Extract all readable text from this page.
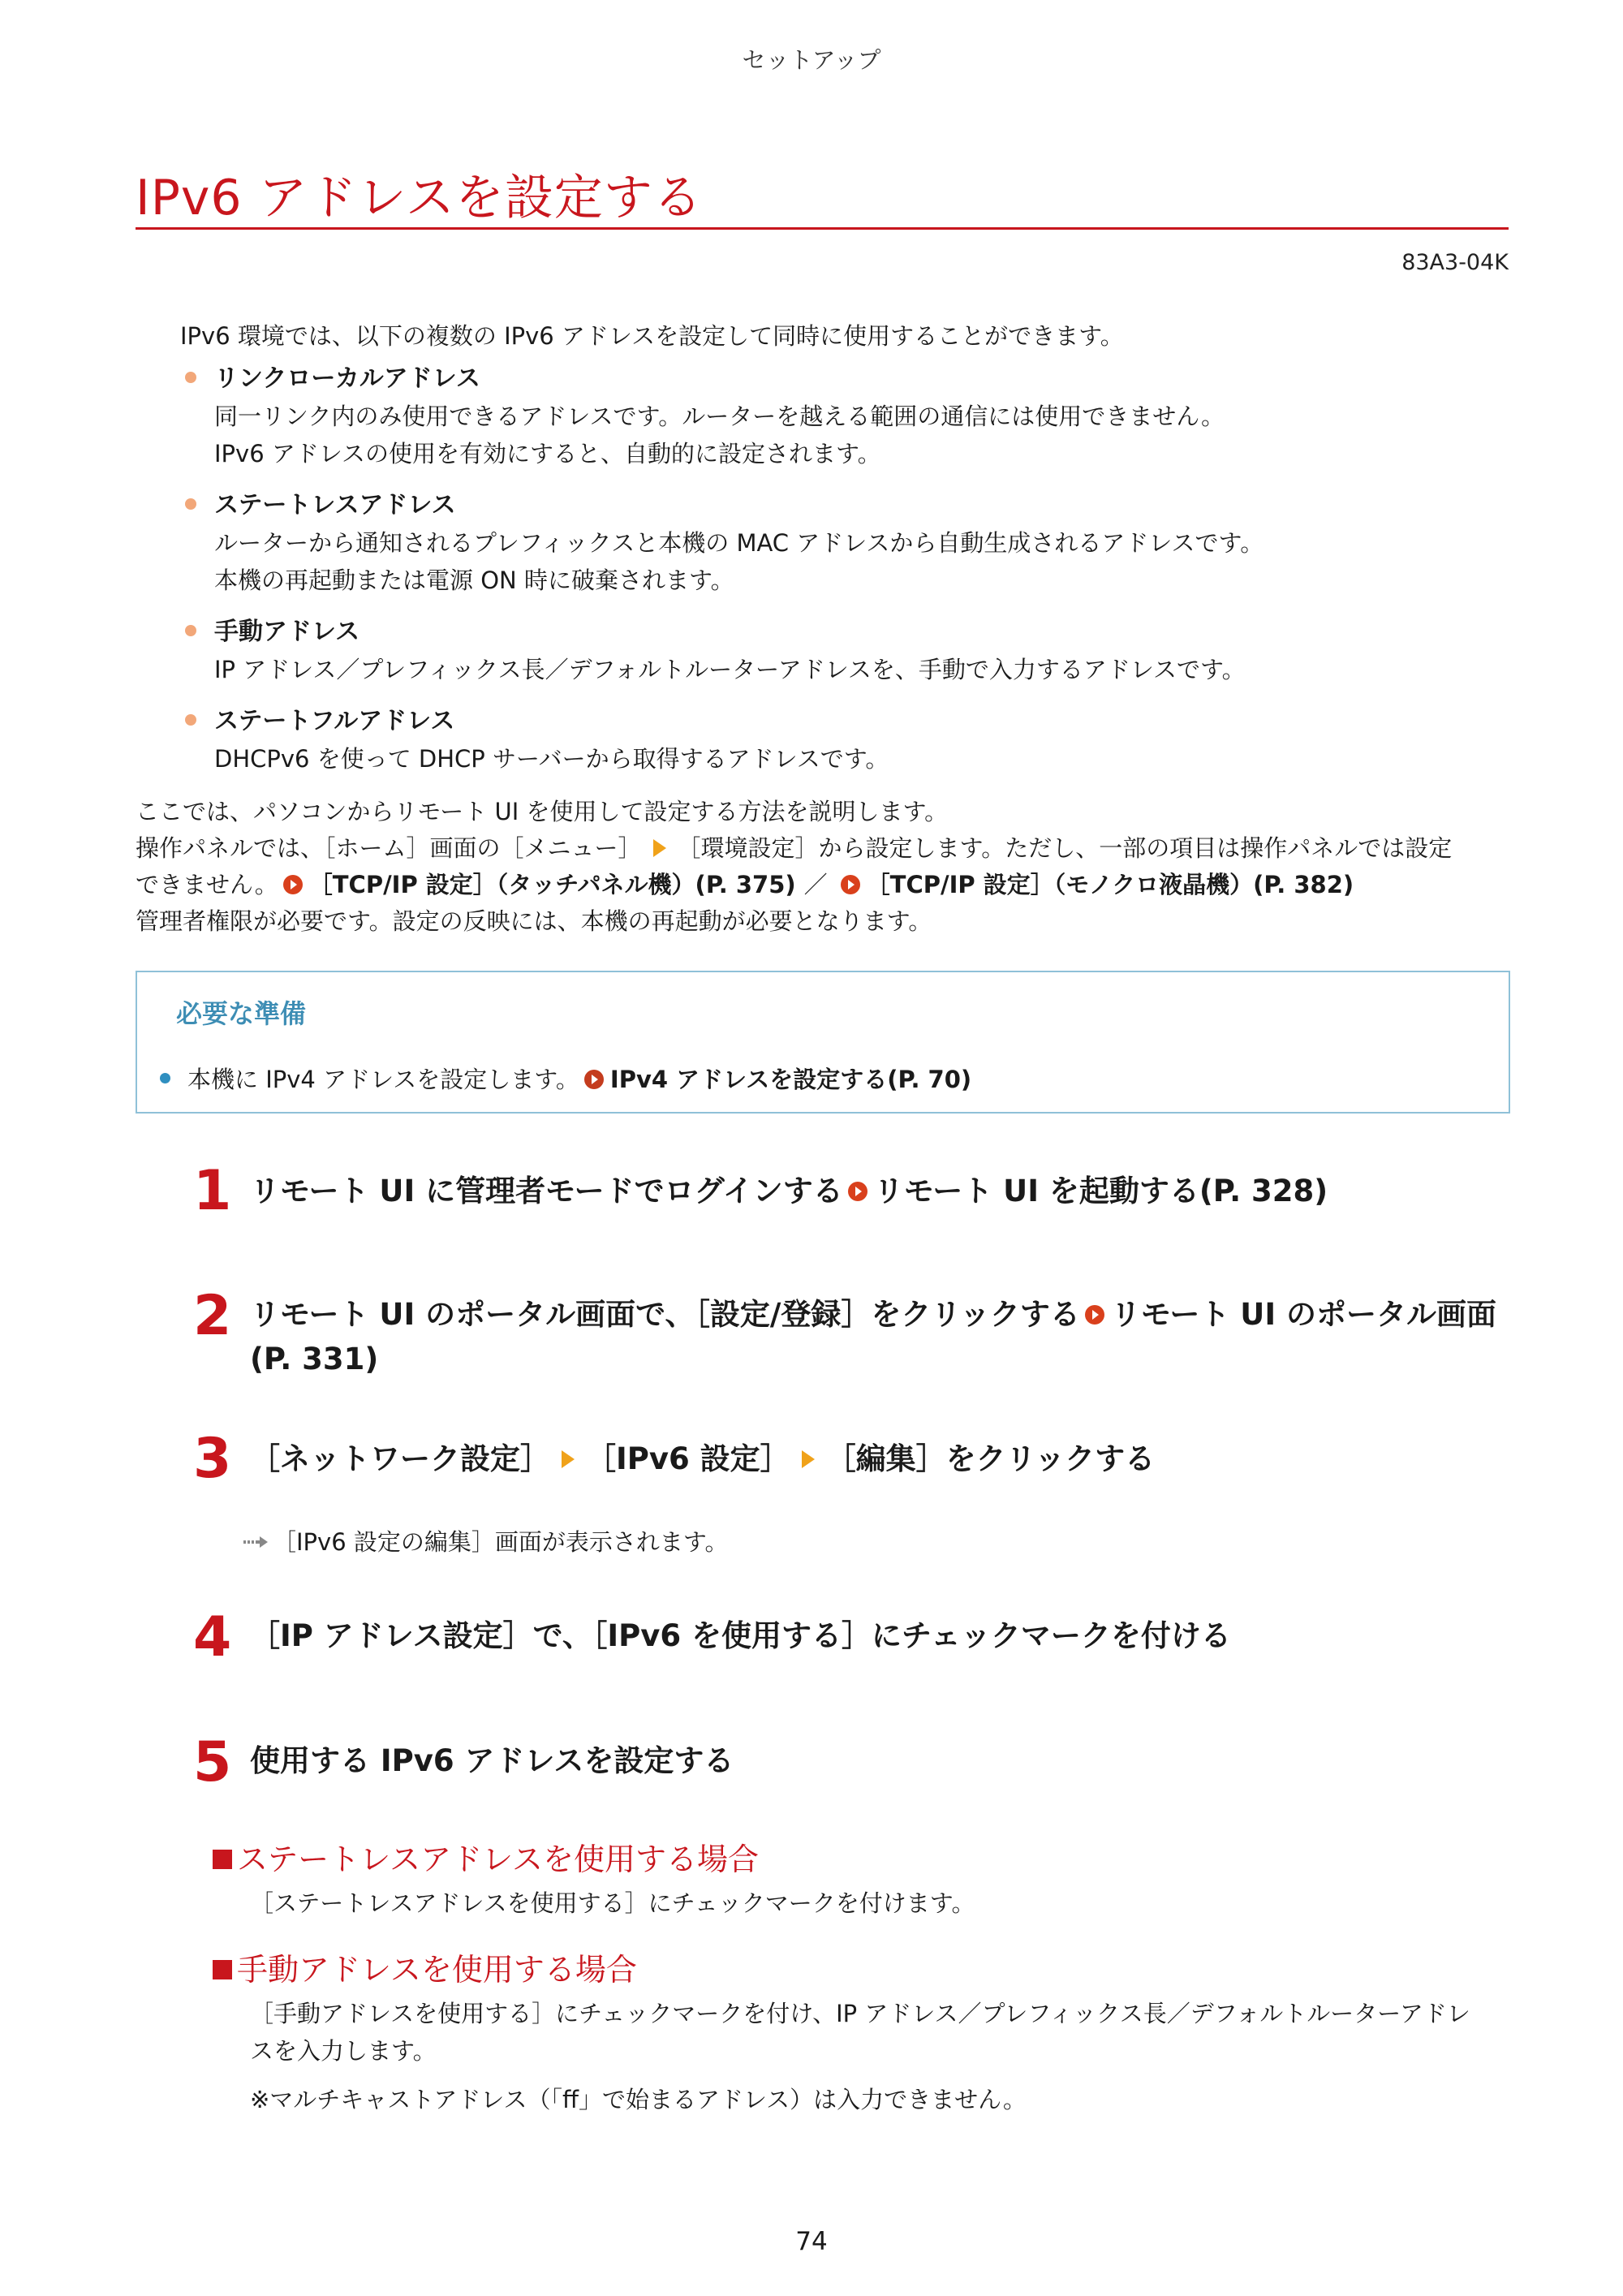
セットアップ
IPv6 アドレスを設定する
83A3-04K
IPv6 環境では、以下の複数の IPv6 アドレスを設定して同時に使用することができます。
リンクローカルアドレス
同一リンク内のみ使用できるアドレスです。ルーターを越える範囲の通信には使用できません。
IPv6 アドレスの使用を有効にすると、自動的に設定されます。
ステートレスアドレス
ルーターから通知されるプレフィックスと本機の MAC アドレスから自動生成されるアドレスです。
本機の再起動または電源 ON 時に破棄されます。
手動アドレス
IP アドレス／プレフィックス長／デフォルトルーターアドレスを、手動で入力するアドレスです。
ステートフルアドレス
DHCPv6 を使って DHCP サーバーから取得するアドレスです。
ここでは、パソコンからリモート UI を使用して設定する方法を説明します。
操作パネルでは、［ホーム］画面の［メニュー］ ［環境設定］から設定します。ただし、一部の項目は操作パネルでは設定
できません。 ［TCP/IP 設定］（タッチパネル機）(P. 375) ／ ［TCP/IP 設定］（モノクロ液晶機）(P. 382)
管理者権限が必要です。設定の反映には、本機の再起動が必要となります。
必要な準備
本機に IPv4 アドレスを設定します。 IPv4 アドレスを設定する(P. 70)
1 リモート UI に管理者モードでログインする リモート UI を起動する(P. 328)
2 リモート UI のポータル画面で、［設定/登録］をクリックする リモート UI のポータル画面
(P. 331)
3 ［ネットワーク設定］ ［IPv6 設定］ ［編集］をクリックする
［IPv6 設定の編集］画面が表示されます。
4 ［IP アドレス設定］で、［IPv6 を使用する］にチェックマークを付ける
5 使用する IPv6 アドレスを設定する
ステートレスアドレスを使用する場合
［ステートレスアドレスを使用する］にチェックマークを付けます。
手動アドレスを使用する場合
［手動アドレスを使用する］にチェックマークを付け、IP アドレス／プレフィックス長／デフォルトルーターアドレ
スを入力します。
※マルチキャストアドレス（「ff」で始まるアドレス）は入力できません。
74
